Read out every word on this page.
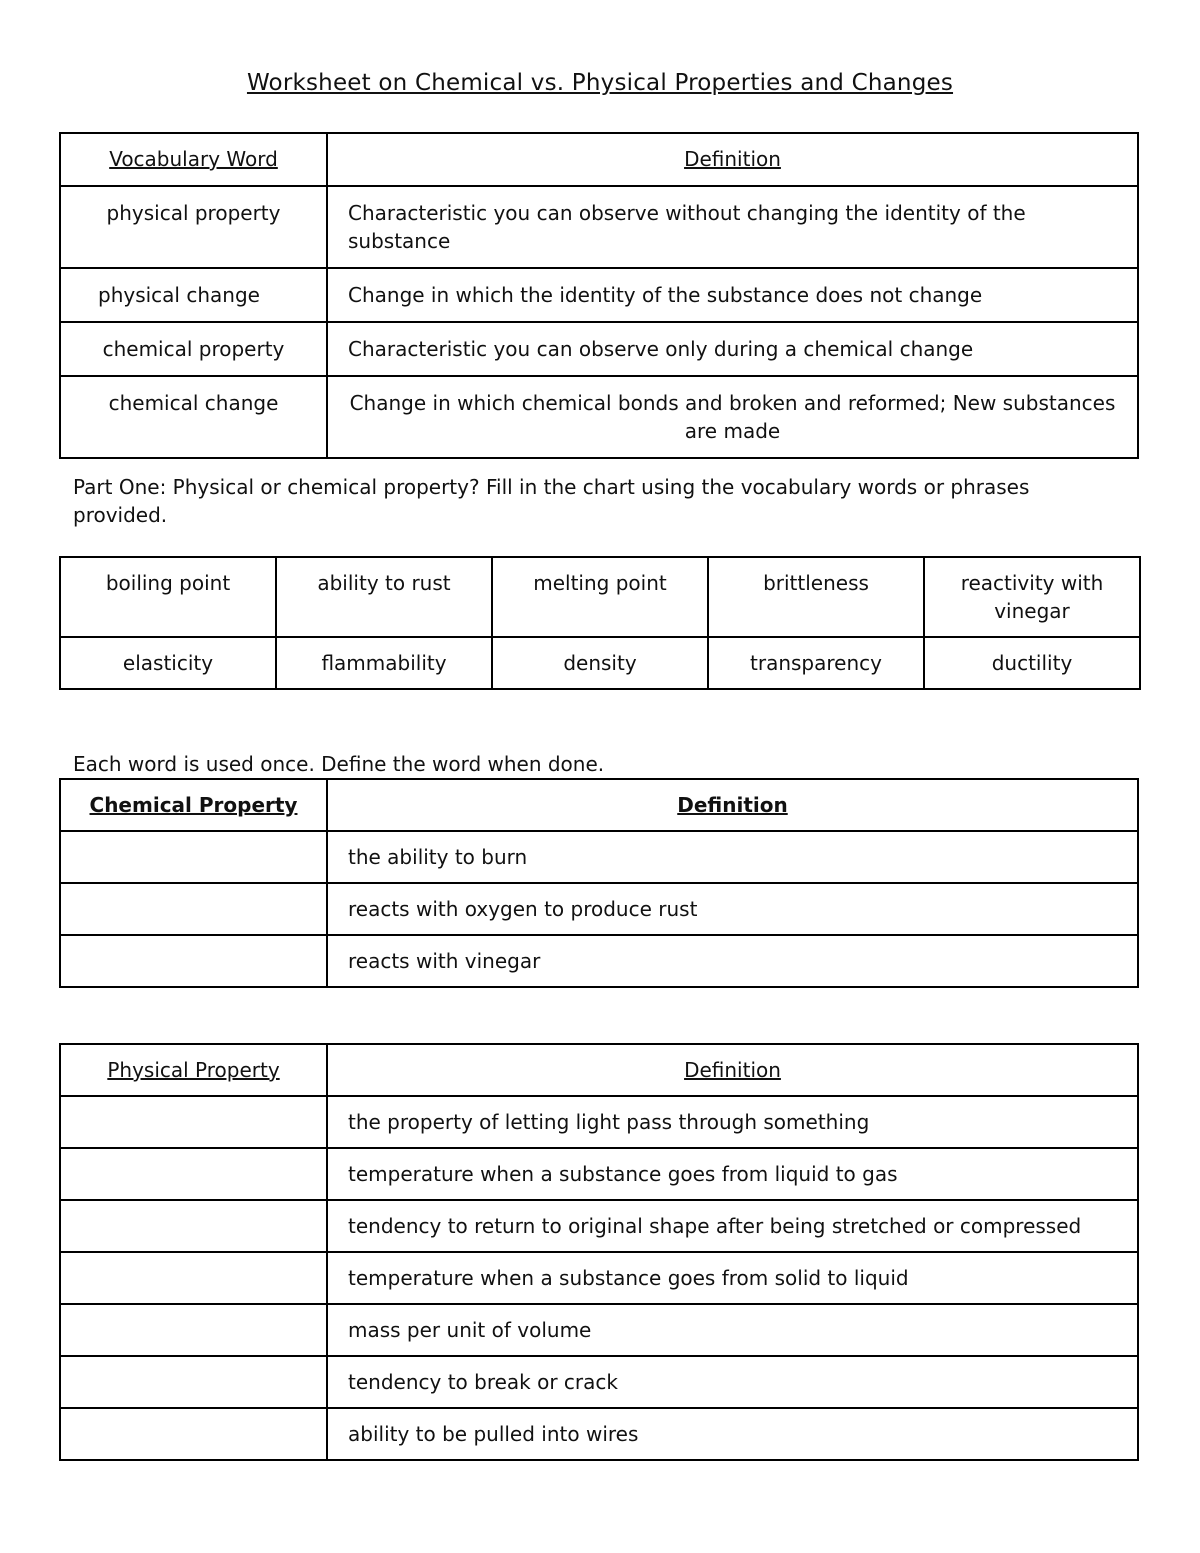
Worksheet on Chemical vs. Physical Properties and Changes
Vocabulary Word	Definition
physical property	Characteristic you can observe without changing the identity of the substance
physical change	Change in which the identity of the substance does not change
chemical property	Characteristic you can observe only during a chemical change
chemical change	Change in which chemical bonds and broken and reformed; New substances are made
Part One: Physical or chemical property? Fill in the chart using the vocabulary words or phrases provided.
boiling point	ability to rust	melting point	brittleness	reactivity with vinegar
elasticity	flammability	density	transparency	ductility
Each word is used once. Define the word when done.
Chemical Property	Definition
	the ability to burn
	reacts with oxygen to produce rust
	reacts with vinegar
Physical Property	Definition
	the property of letting light pass through something
	temperature when a substance goes from liquid to gas
	tendency to return to original shape after being stretched or compressed
	temperature when a substance goes from solid to liquid
	mass per unit of volume
	tendency to break or crack
	ability to be pulled into wires
